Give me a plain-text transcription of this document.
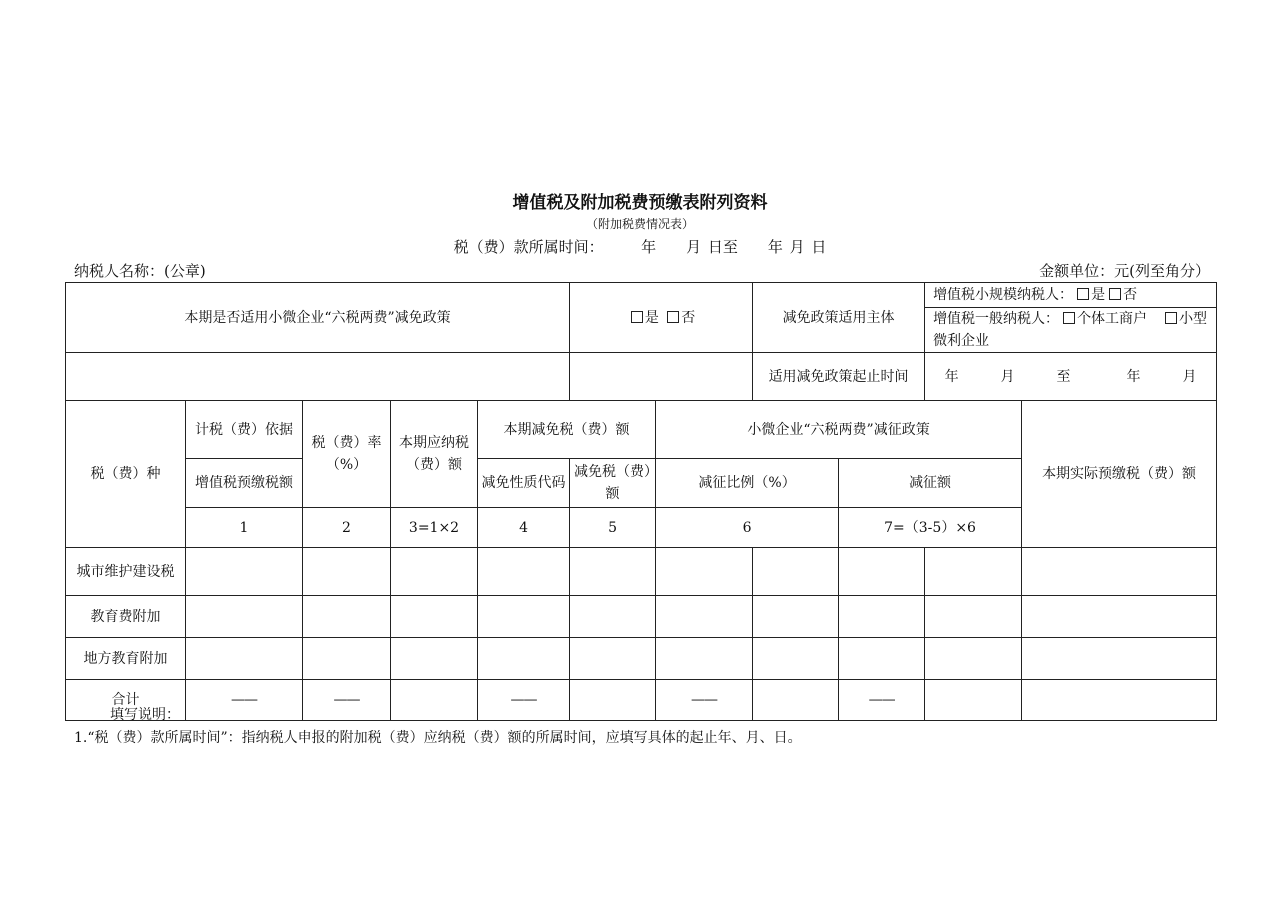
增值税及附加税费预缴表附列资料
（附加税费情况表）
税（费）款所属时间：　　　	年　　月 日至　　年 月 日
纳税人名称：(公章)	金额单位：元(列至角分）
本期是否适用小微企业“六税两费”减免政策					是 否		减免政策适用主体		增值税小规模纳税人： 是 否	
									增值税一般纳税人： 个体工商户　 小型微利企业	
							适用减免政策起止时间		年　　　月　　　至　　　　年　　　月	
税（费）种	计税（费）依据	税（费）率（%）	本期应纳税（费）额	本期减免税（费）额		小微企业“六税两费”减征政策				本期实际预缴税（费）额
	增值税预缴税额			减免性质代码	减免税（费）额	减征比例（%）		减征额		
	1	2	3=1×2	4	5	6		7=（3-5）×6		
城市维护建设税										
教育费附加										
地方教育附加										
合计	——	——		——		——		——		
填写说明：
1.“税（费）款所属时间”：指纳税人申报的附加税（费）应纳税（费）额的所属时间，应填写具体的起止年、月、日。
